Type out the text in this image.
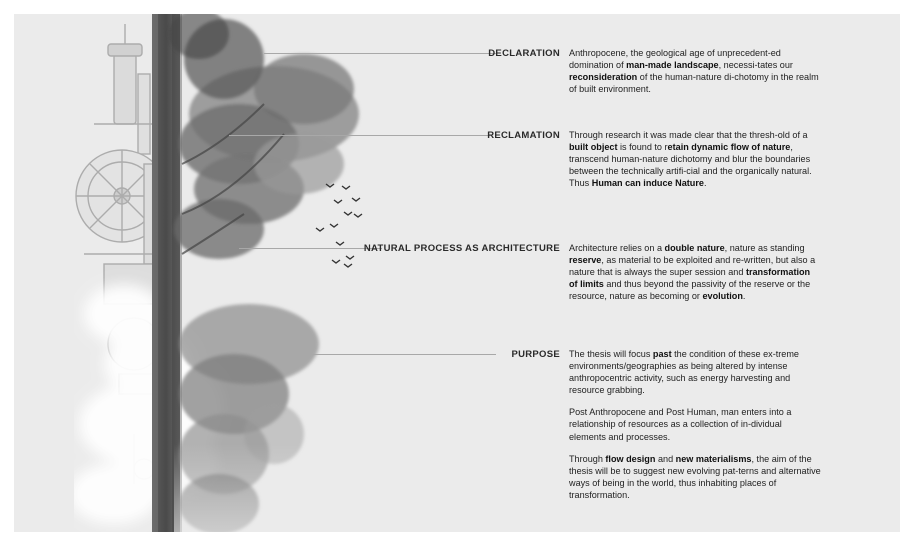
DECLARATION
RECLAMATION
NATURAL PROCESS AS ARCHITECTURE
PURPOSE

Anthropocene, the geological age of unprecedent-ed domination of man-made landscape, necessi-tates our reconsideration of the human-nature di-chotomy in the realm of built environment.

Through research it was made clear that the thresh-old of a built object is found to retain dynamic flow of nature, transcend human-nature dichotomy and blur the boundaries between the technically artifi-cial and the organically natural. Thus Human can induce Nature.

Architecture relies on a double nature, nature as standing reserve, as material to be exploited and re-written, but also a nature that is always the super session and transformation of limits and thus beyond the passivity of the reserve or the resource, nature as becoming or evolution.

The thesis will focus past the condition of these ex-treme environments/geographies as being altered by intense anthropocentric activity, such as energy harvesting and resource grabbing.

Post Anthropocene and Post Human, man enters into a relationship of resources as a collection of in-dividual elements and processes.

Through flow design and new materialisms, the aim of the thesis will be to suggest new evolving pat-terns and alternative ways of being in the world, thus inhabiting places of transformation.
